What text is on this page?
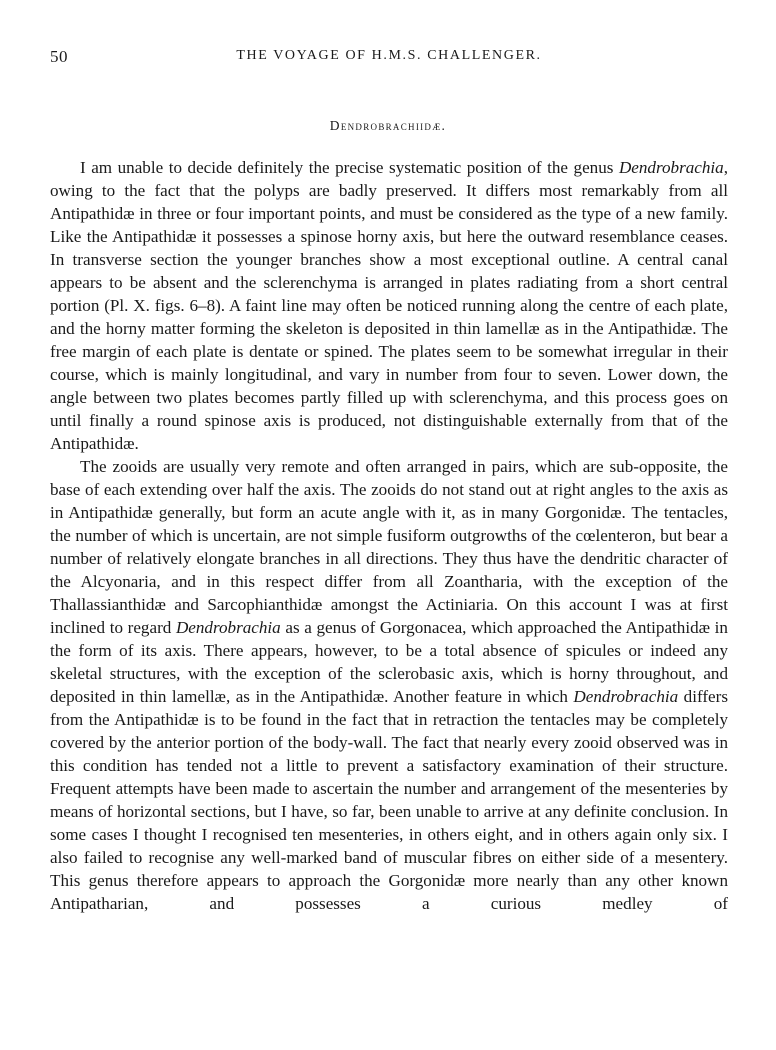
50	THE VOYAGE OF H.M.S. CHALLENGER.
Dendrobrachiidæ.

I am unable to decide definitely the precise systematic position of the genus Dendrobrachia, owing to the fact that the polyps are badly preserved. It differs most remarkably from all Antipathidæ in three or four important points, and must be considered as the type of a new family. Like the Antipathidæ it possesses a spinose horny axis, but here the outward resemblance ceases. In transverse section the younger branches show a most exceptional outline. A central canal appears to be absent and the sclerenchyma is arranged in plates radiating from a short central portion (Pl. X. figs. 6–8). A faint line may often be noticed running along the centre of each plate, and the horny matter forming the skeleton is deposited in thin lamellæ as in the Antipathidæ. The free margin of each plate is dentate or spined. The plates seem to be somewhat irregular in their course, which is mainly longitudinal, and vary in number from four to seven. Lower down, the angle between two plates becomes partly filled up with sclerenchyma, and this process goes on until finally a round spinose axis is produced, not distinguishable externally from that of the Antipathidæ.

The zooids are usually very remote and often arranged in pairs, which are sub-opposite, the base of each extending over half the axis. The zooids do not stand out at right angles to the axis as in Antipathidæ generally, but form an acute angle with it, as in many Gorgonidæ. The tentacles, the number of which is uncertain, are not simple fusiform outgrowths of the cœlenteron, but bear a number of relatively elongate branches in all directions. They thus have the dendritic character of the Alcyonaria, and in this respect differ from all Zoantharia, with the exception of the Thallassianthidæ and Sarcophianthidæ amongst the Actiniaria. On this account I was at first inclined to regard Dendrobrachia as a genus of Gorgonacea, which approached the Antipathidæ in the form of its axis. There appears, however, to be a total absence of spicules or indeed any skeletal structures, with the exception of the sclerobasic axis, which is horny throughout, and deposited in thin lamellæ, as in the Antipathidæ. Another feature in which Dendrobrachia differs from the Antipathidæ is to be found in the fact that in retraction the tentacles may be completely covered by the anterior portion of the body-wall. The fact that nearly every zooid observed was in this condition has tended not a little to prevent a satisfactory examination of their structure. Frequent attempts have been made to ascertain the number and arrangement of the mesenteries by means of horizontal sections, but I have, so far, been unable to arrive at any definite conclusion. In some cases I thought I recognised ten mesenteries, in others eight, and in others again only six. I also failed to recognise any well-marked band of muscular fibres on either side of a mesentery. This genus therefore appears to approach the Gorgonidæ more nearly than any other known Antipatharian, and possesses a curious medley of
